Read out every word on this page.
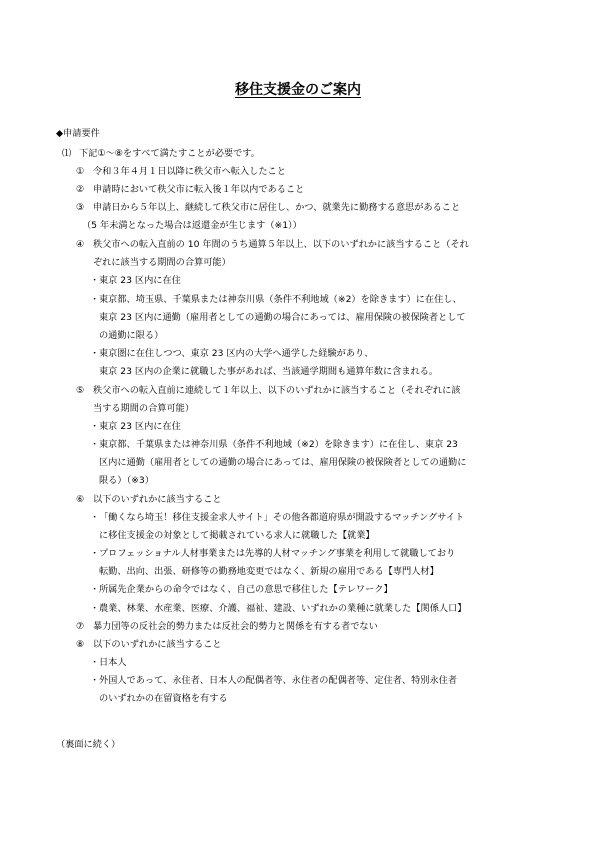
移住支援金のご案内
◆申請要件
⑴ 下記①～⑧をすべて満たすことが必要です。
① 令和３年４月１日以降に秩父市へ転入したこと
② 申請時において秩父市に転入後１年以内であること
③ 申請日から５年以上、継続して秩父市に居住し、かつ、就業先に勤務する意思があること
（5 年未満となった場合は返還金が生じます（※1））
④ 秩父市への転入直前の 10 年間のうち通算５年以上、以下のいずれかに該当すること（それ
ぞれに該当する期間の合算可能）
・東京 23 区内に在住
・東京都、埼玉県、千葉県または神奈川県（条件不利地域（※2）を除きます）に在住し、
東京 23 区内に通勤（雇用者としての通勤の場合にあっては、雇用保険の被保険者として
の通勤に限る）
・東京圏に在住しつつ、東京 23 区内の大学へ通学した経験があり、
東京 23 区内の企業に就職した事があれば、当該通学期間も通算年数に含まれる。
⑤ 秩父市への転入直前に連続して１年以上、以下のいずれかに該当すること（それぞれに該
当する期間の合算可能）
・東京 23 区内に在住
・東京都、千葉県または神奈川県（条件不利地域（※2）を除きます）に在住し、東京 23
区内に通勤（雇用者としての通勤の場合にあっては、雇用保険の被保険者としての通勤に
限る）（※3）
⑥ 以下のいずれかに該当すること
・「働くなら埼玉！移住支援金求人サイト」その他各都道府県が開設するマッチングサイト
に移住支援金の対象として掲載されている求人に就職した【就業】
・プロフェッショナル人材事業または先導的人材マッチング事業を利用して就職しており
転勤、出向、出張、研修等の勤務地変更ではなく、新規の雇用である【専門人材】
・所属先企業からの命令ではなく、自己の意思で移住した【テレワーク】
・農業、林業、水産業、医療、介護、福祉、建設、いずれかの業種に就業した【関係人口】
⑦ 暴力団等の反社会的勢力または反社会的勢力と関係を有する者でない
⑧ 以下のいずれかに該当すること
・日本人
・外国人であって、永住者、日本人の配偶者等、永住者の配偶者等、定住者、特別永住者
のいずれかの在留資格を有する
（裏面に続く）
